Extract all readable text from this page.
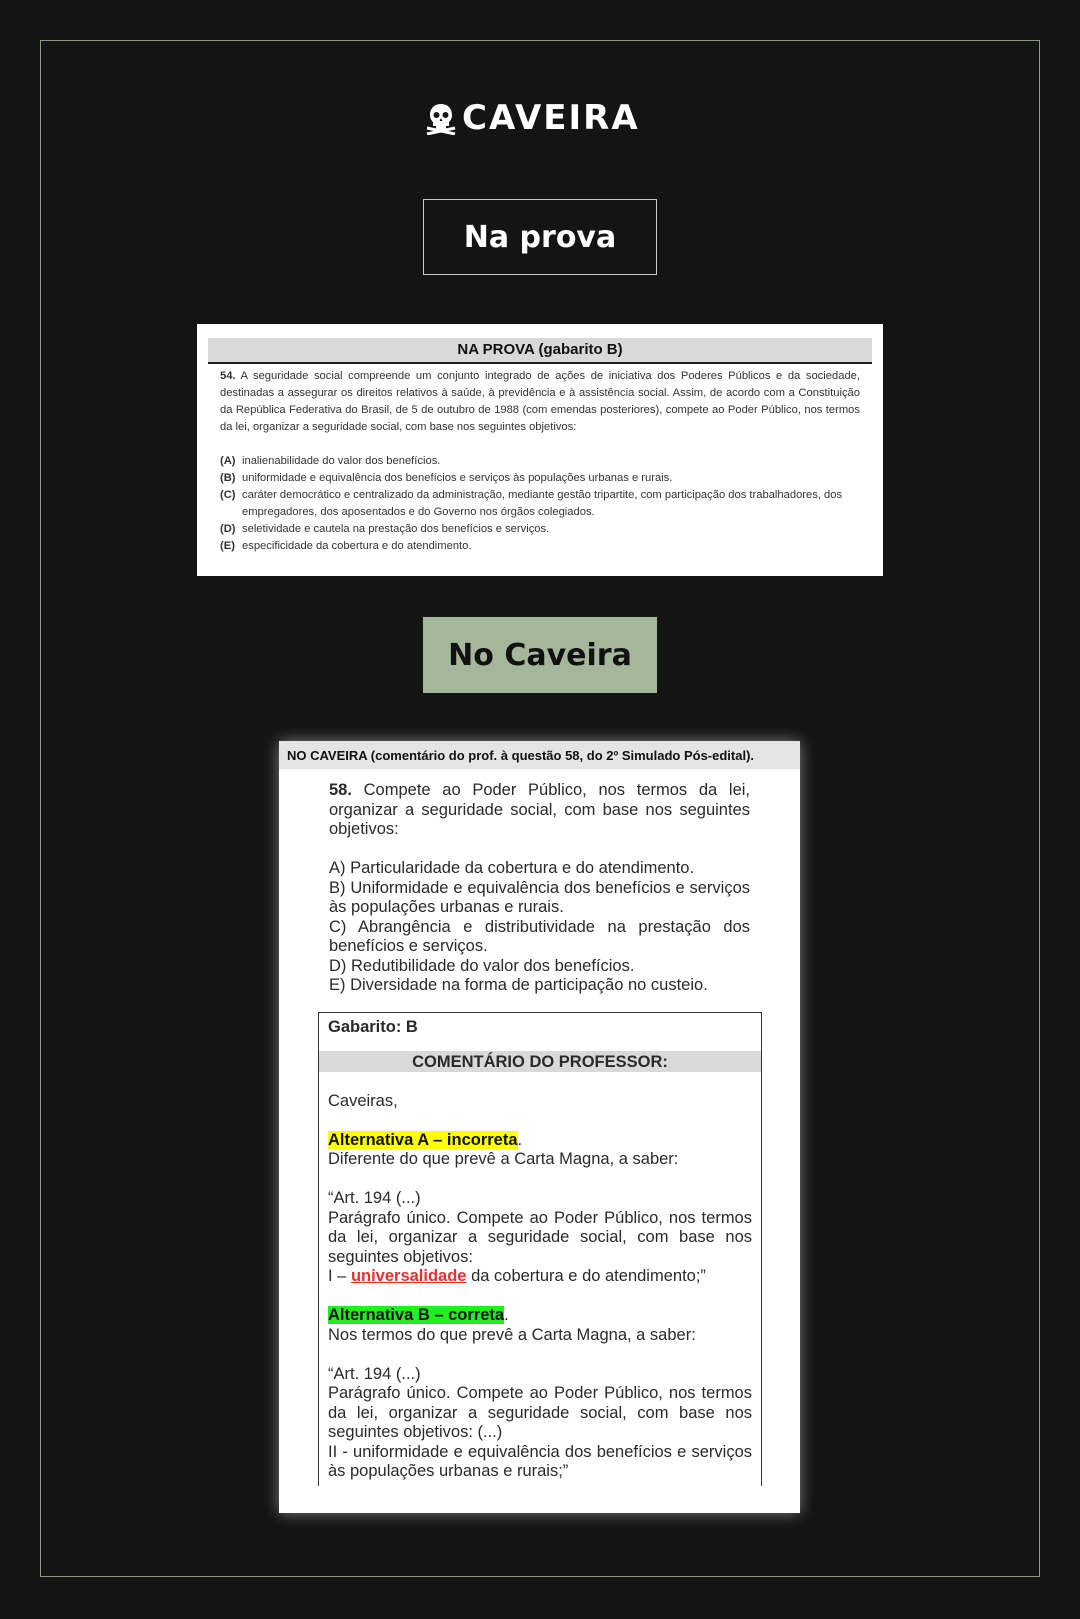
CAVEIRA
Na prova
NA PROVA (gabarito B)

54. A seguridade social compreende um conjunto integrado de ações de iniciativa dos Poderes Públicos e da sociedade, destinadas a assegurar os direitos relativos à saúde, à previdência e à assistência social. Assim, de acordo com a Constituição da República Federativa do Brasil, de 5 de outubro de 1988 (com emendas posteriores), compete ao Poder Público, nos termos da lei, organizar a seguridade social, com base nos seguintes objetivos:

(A) inalienabilidade do valor dos benefícios.
(B) uniformidade e equivalência dos benefícios e serviços às populações urbanas e rurais.
(C) caráter democrático e centralizado da administração, mediante gestão tripartite, com participação dos trabalhadores, dos empregadores, dos aposentados e do Governo nos órgãos colegiados.
(D) seletividade e cautela na prestação dos benefícios e serviços.
(E) especificidade da cobertura e do atendimento.
No Caveira
NO CAVEIRA (comentário do prof. à questão 58, do 2º Simulado Pós-edital).

58. Compete ao Poder Público, nos termos da lei, organizar a seguridade social, com base nos seguintes objetivos:

A) Particularidade da cobertura e do atendimento.

B) Uniformidade e equivalência dos benefícios e serviços às populações urbanas e rurais.

C) Abrangência e distributividade na prestação dos benefícios e serviços.

D) Redutibilidade do valor dos benefícios.

E) Diversidade na forma de participação no custeio.

Gabarito: B
COMENTÁRIO DO PROFESSOR:

Caveiras,

Alternativa A – incorreta.

Diferente do que prevê a Carta Magna, a saber:

“Art. 194 (...)

Parágrafo único. Compete ao Poder Público, nos termos da lei, organizar a seguridade social, com base nos seguintes objetivos:

I – universalidade da cobertura e do atendimento;”

Alternativa B – correta.

Nos termos do que prevê a Carta Magna, a saber:

“Art. 194 (...)

Parágrafo único. Compete ao Poder Público, nos termos da lei, organizar a seguridade social, com base nos seguintes objetivos: (...)

II - uniformidade e equivalência dos benefícios e serviços às populações urbanas e rurais;”
